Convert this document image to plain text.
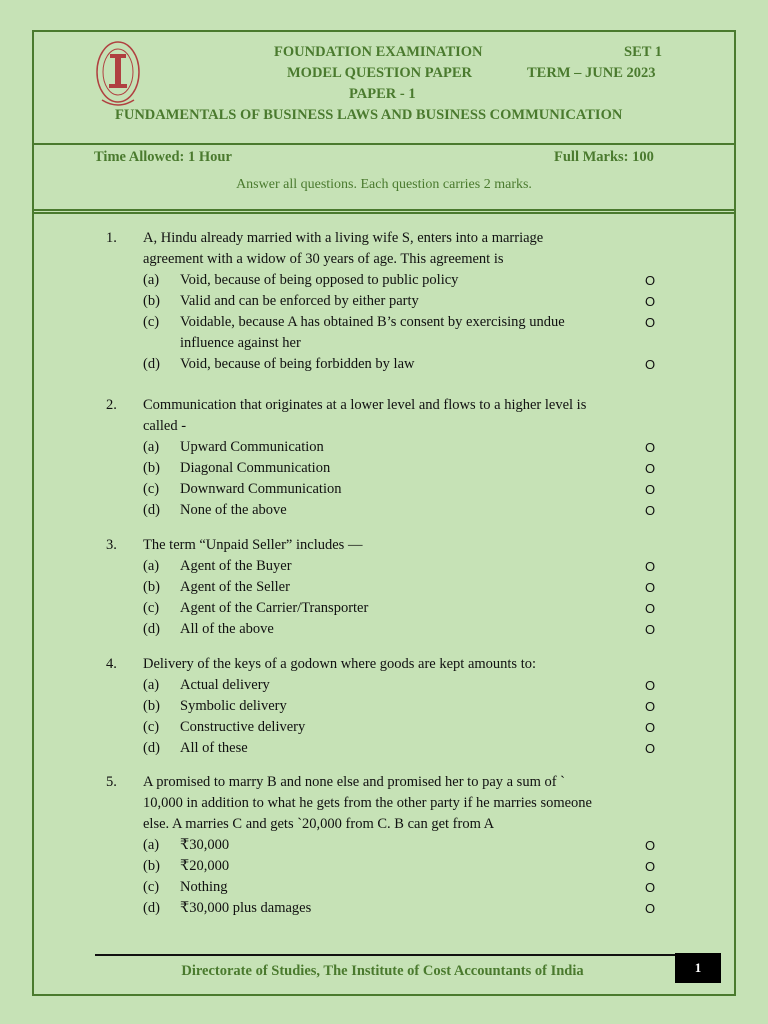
FOUNDATION EXAMINATION	SET 1
MODEL QUESTION PAPER	TERM – JUNE 2023
PAPER - 1
FUNDAMENTALS OF BUSINESS LAWS AND BUSINESS COMMUNICATION
Time Allowed: 1 Hour	Full Marks: 100
Answer all questions. Each question carries 2 marks.
1. A, Hindu already married with a living wife S, enters into a marriage
agreement with a widow of 30 years of age. This agreement is
(a) Void, because of being opposed to public policy	O
(b) Valid and can be enforced by either party	O
(c) Voidable, because A has obtained B’s consent by exercising undue	O
influence against her
(d) Void, because of being forbidden by law	O
2. Communication that originates at a lower level and flows to a higher level is
called -
(a) Upward Communication	O
(b) Diagonal Communication	O
(c) Downward Communication	O
(d) None of the above	O
3. The term “Unpaid Seller” includes —
(a) Agent of the Buyer	O
(b) Agent of the Seller	O
(c) Agent of the Carrier/Transporter	O
(d) All of the above	O
4. Delivery of the keys of a godown where goods are kept amounts to:
(a) Actual delivery	O
(b) Symbolic delivery	O
(c) Constructive delivery	O
(d) All of these	O
5. A promised to marry B and none else and promised her to pay a sum of `
10,000 in addition to what he gets from the other party if he marries someone
else. A marries C and gets `20,000 from C. B can get from A
(a) ₹30,000	O
(b) ₹20,000	O
(c) Nothing	O
(d) ₹30,000 plus damages	O
Directorate of Studies, The Institute of Cost Accountants of India	1
